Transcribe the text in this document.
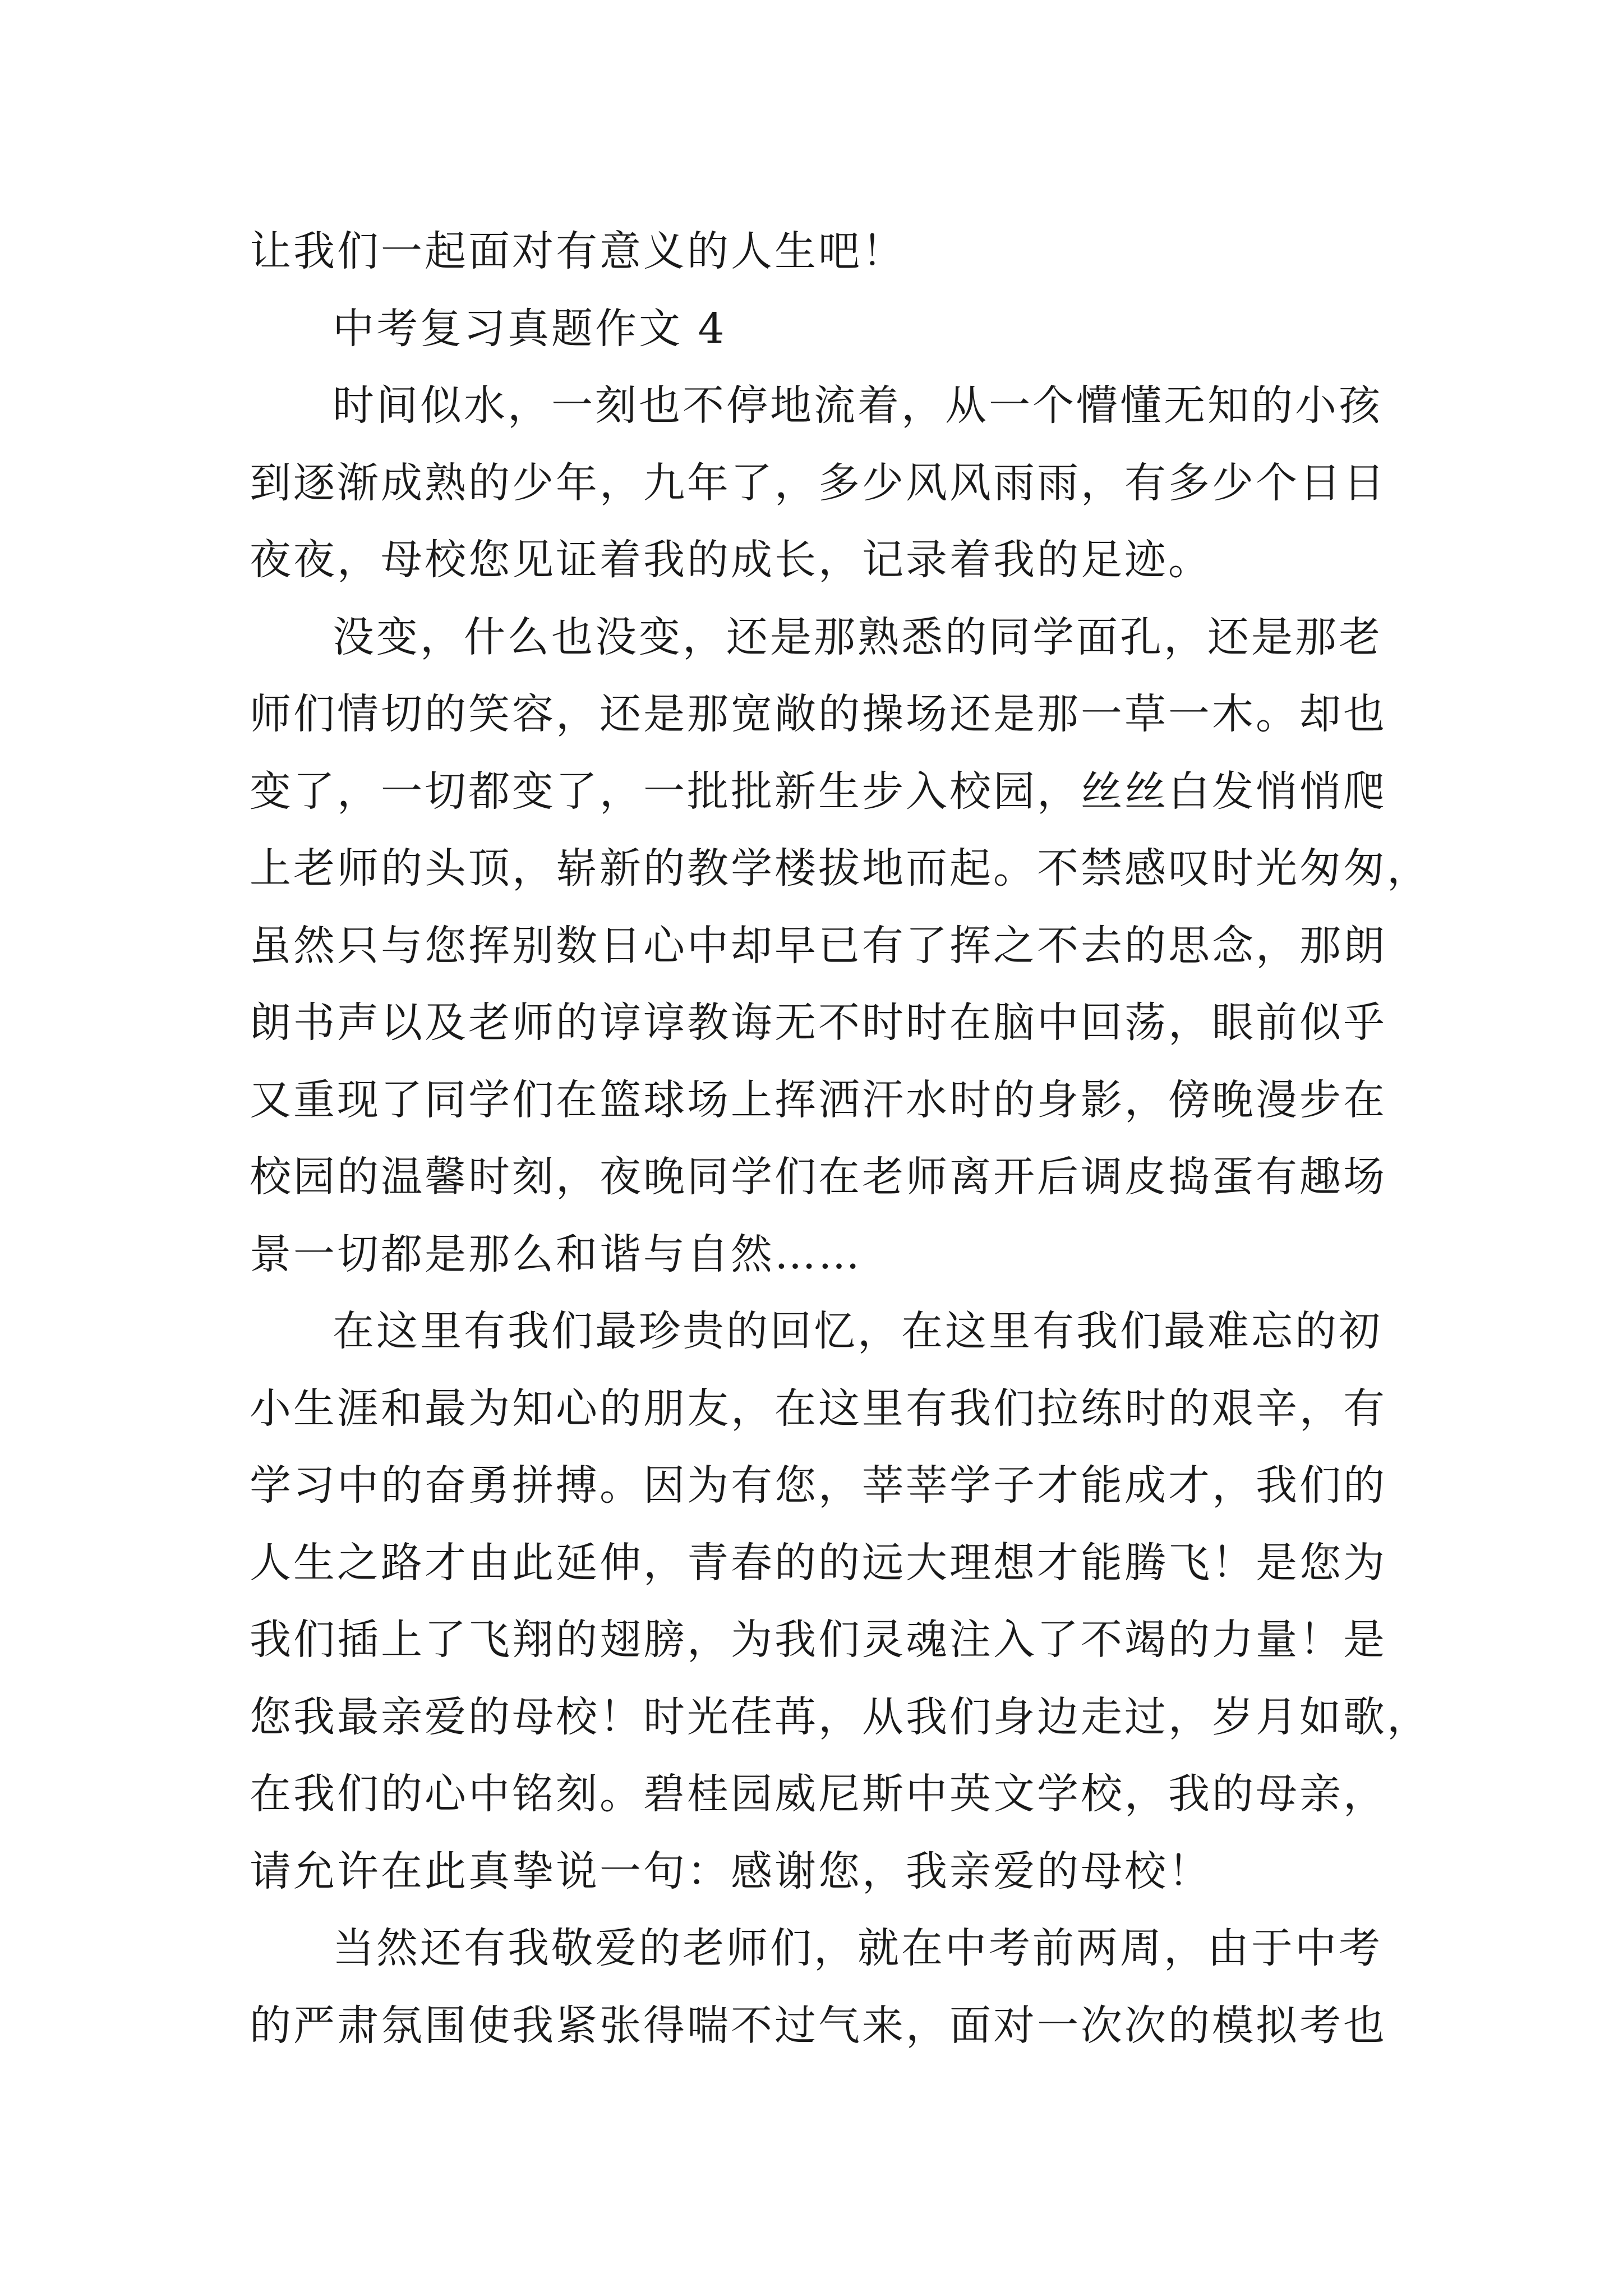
让我们一起面对有意义的人生吧！
中考复习真题作文 4
时间似水，一刻也不停地流着，从一个懵懂无知的小孩
到逐渐成熟的少年，九年了，多少风风雨雨，有多少个日日
夜夜，母校您见证着我的成长，记录着我的足迹。
没变，什么也没变，还是那熟悉的同学面孔，还是那老
师们情切的笑容，还是那宽敞的操场还是那一草一木。却也
变了，一切都变了，一批批新生步入校园，丝丝白发悄悄爬
上老师的头顶，崭新的教学楼拔地而起。不禁感叹时光匆匆，
虽然只与您挥别数日心中却早已有了挥之不去的思念，那朗
朗书声以及老师的谆谆教诲无不时时在脑中回荡，眼前似乎
又重现了同学们在篮球场上挥洒汗水时的身影，傍晚漫步在
校园的温馨时刻，夜晚同学们在老师离开后调皮捣蛋有趣场
景一切都是那么和谐与自然……
在这里有我们最珍贵的回忆，在这里有我们最难忘的初
小生涯和最为知心的朋友，在这里有我们拉练时的艰辛，有
学习中的奋勇拼搏。因为有您，莘莘学子才能成才，我们的
人生之路才由此延伸，青春的的远大理想才能腾飞！是您为
我们插上了飞翔的翅膀，为我们灵魂注入了不竭的力量！是
您我最亲爱的母校！时光荏苒，从我们身边走过，岁月如歌，
在我们的心中铭刻。碧桂园威尼斯中英文学校，我的母亲，
请允许在此真挚说一句：感谢您，我亲爱的母校！
当然还有我敬爱的老师们，就在中考前两周，由于中考
的严肃氛围使我紧张得喘不过气来，面对一次次的模拟考也
